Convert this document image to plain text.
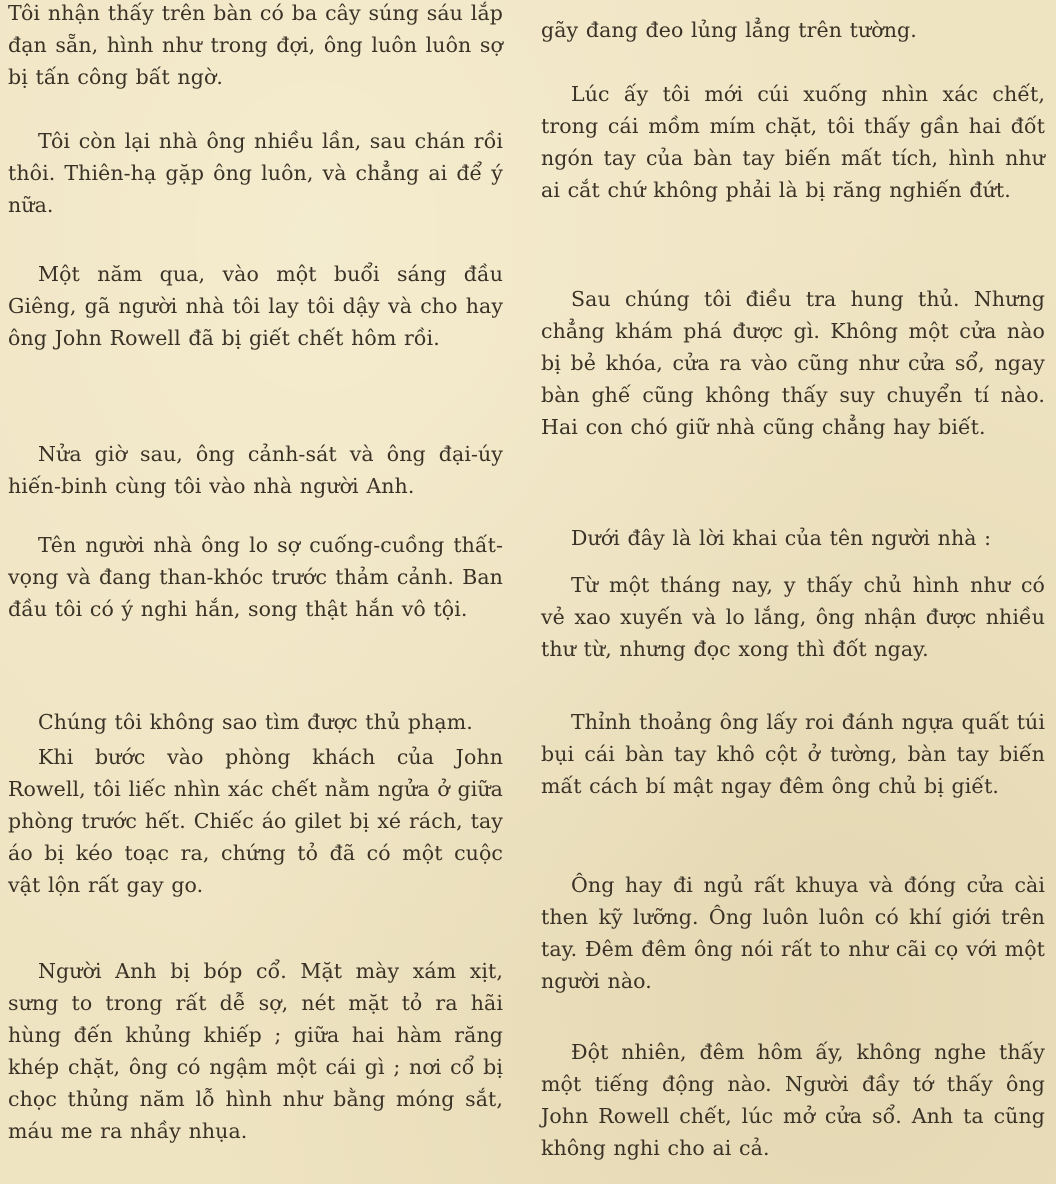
Tôi nhận thấy trên bàn có ba cây súng sáu lắp đạn sẵn, hình như trong đợi, ông luôn luôn sợ bị tấn công bất ngờ.

Tôi còn lại nhà ông nhiều lần, sau chán rồi thôi. Thiên-hạ gặp ông luôn, và chẳng ai để ý nữa.

Một năm qua, vào một buổi sáng đầu Giêng, gã người nhà tôi lay tôi dậy và cho hay ông John Rowell đã bị giết chết hôm rồi.

Nửa giờ sau, ông cảnh-sát và ông đại-úy hiến-binh cùng tôi vào nhà người Anh.

Tên người nhà ông lo sợ cuống-cuồng thất-vọng và đang than-khóc trước thảm cảnh. Ban đầu tôi có ý nghi hắn, song thật hắn vô tội.

Chúng tôi không sao tìm được thủ phạm.

Khi bước vào phòng khách của John Rowell, tôi liếc nhìn xác chết nằm ngửa ở giữa phòng trước hết. Chiếc áo gilet bị xé rách, tay áo bị kéo toạc ra, chứng tỏ đã có một cuộc vật lộn rất gay go.

Người Anh bị bóp cổ. Mặt mày xám xịt, sưng to trong rất dễ sợ, nét mặt tỏ ra hãi hùng đến khủng khiếp ; giữa hai hàm răng khép chặt, ông có ngậm một cái gì ; nơi cổ bị chọc thủng năm lỗ hình như bằng móng sắt, máu me ra nhầy nhụa.

gãy đang đeo lủng lẳng trên tường.

Lúc ấy tôi mới cúi xuống nhìn xác chết, trong cái mồm mím chặt, tôi thấy gần hai đốt ngón tay của bàn tay biến mất tích, hình như ai cắt chứ không phải là bị răng nghiến đứt.

Sau chúng tôi điều tra hung thủ. Nhưng chẳng khám phá được gì. Không một cửa nào bị bẻ khóa, cửa ra vào cũng như cửa sổ, ngay bàn ghế cũng không thấy suy chuyển tí nào. Hai con chó giữ nhà cũng chẳng hay biết.

Dưới đây là lời khai của tên người nhà :

Từ một tháng nay, y thấy chủ hình như có vẻ xao xuyến và lo lắng, ông nhận được nhiều thư từ, nhưng đọc xong thì đốt ngay.

Thỉnh thoảng ông lấy roi đánh ngựa quất túi bụi cái bàn tay khô cột ở tường, bàn tay biến mất cách bí mật ngay đêm ông chủ bị giết.

Ông hay đi ngủ rất khuya và đóng cửa cài then kỹ lưỡng. Ông luôn luôn có khí giới trên tay. Đêm đêm ông nói rất to như cãi cọ với một người nào.

Đột nhiên, đêm hôm ấy, không nghe thấy một tiếng động nào. Người đầy tớ thấy ông John Rowell chết, lúc mở cửa sổ. Anh ta cũng không nghi cho ai cả.
